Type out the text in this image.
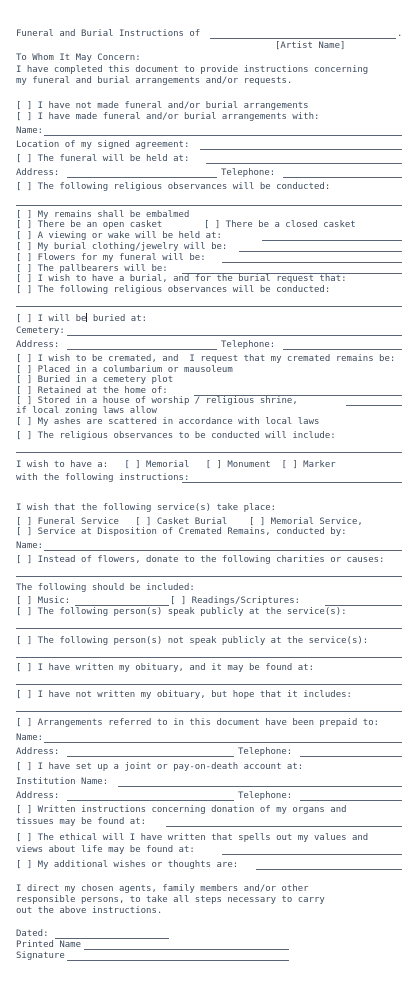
Funeral and Burial Instructions of	.
[Artist Name]
To Whom It May Concern:
I have completed this document to provide instructions concerning
my funeral and burial arrangements and/or requests.
[ ] I have not made funeral and/or burial arrangements
[ ] I have made funeral and/or burial arrangements with:
Name:
Location of my signed agreement:
[ ] The funeral will be held at:
Address:	Telephone:
[ ] The following religious observances will be conducted:
[ ] My remains shall be embalmed
[ ] There be an open casket	[ ] There be a closed casket
[ ] A viewing or wake will be held at:
[ ] My burial clothing/jewelry will be:
[ ] Flowers for my funeral will be:
[ ] The pallbearers will be:
[ ] I wish to have a burial, and for the burial request that:
[ ] The following religious observances will be conducted:
[ ] I will be buried at:
Cemetery:
Address:	Telephone:
[ ] I wish to be cremated, and  I request that my cremated remains be:
[ ] Placed in a columbarium or mausoleum
[ ] Buried in a cemetery plot
[ ] Retained at the home of:
[ ] Stored in a house of worship / religious shrine,
if local zoning laws allow
[ ] My ashes are scattered in accordance with local laws
[ ] The religious observances to be conducted will include:
I wish to have a:   [ ] Memorial   [ ] Monument  [ ] Marker
with the following instructions:
I wish that the following service(s) take place:
[ ] Funeral Service   [ ] Casket Burial    [ ] Memorial Service,
[ ] Service at Disposition of Cremated Remains, conducted by:
Name:
[ ] Instead of flowers, donate to the following charities or causes:
The following should be included:
[ ] Music:	[ ] Readings/Scriptures:
[ ] The following person(s) speak publicly at the service(s):
[ ] The following person(s) not speak publicly at the service(s):
[ ] I have written my obituary, and it may be found at:
[ ] I have not written my obituary, but hope that it includes:
[ ] Arrangements referred to in this document have been prepaid to:
Name:
Address:	Telephone:
[ ] I have set up a joint or pay-on-death account at:
Institution Name:
Address:	Telephone:
[ ] Written instructions concerning donation of my organs and
tissues may be found at:
[ ] The ethical will I have written that spells out my values and
views about life may be found at:
[ ] My additional wishes or thoughts are:
I direct my chosen agents, family members and/or other
responsible persons, to take all steps necessary to carry
out the above instructions.
Dated:
Printed Name
Signature
